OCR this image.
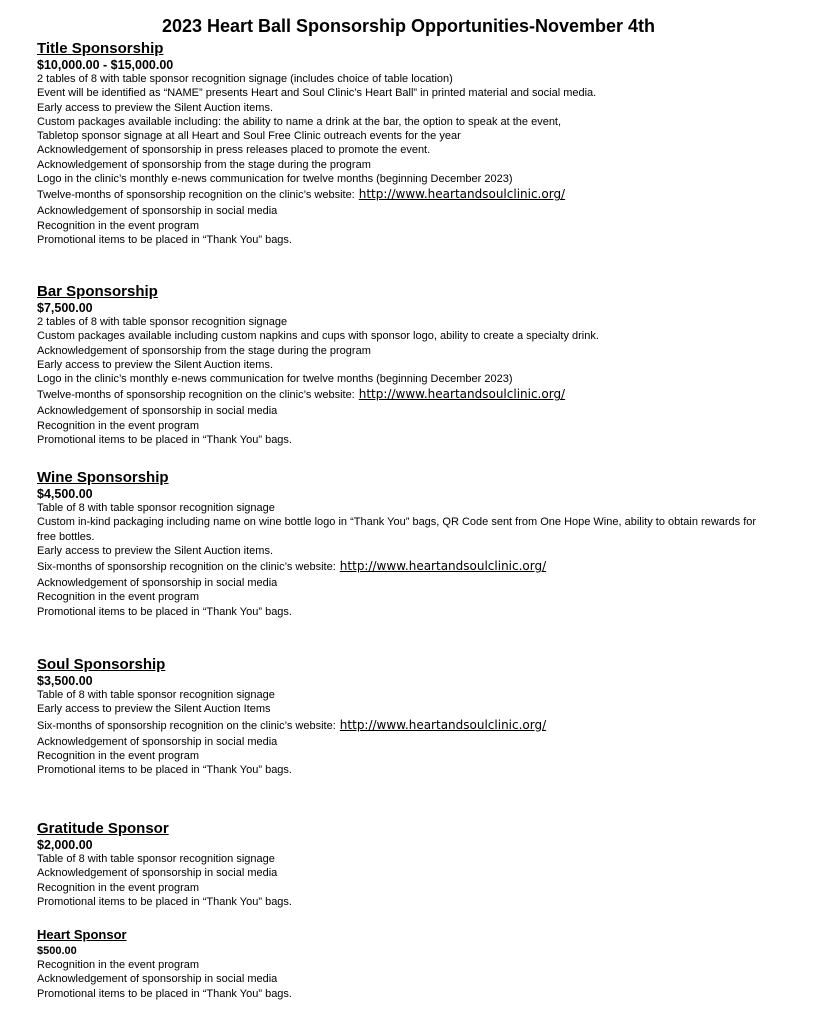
2023 Heart Ball Sponsorship Opportunities-November 4th
Title Sponsorship
$10,000.00 - $15,000.00
2 tables of 8 with table sponsor recognition signage (includes choice of table location)
Event will be identified as “NAME” presents Heart and Soul Clinic’s Heart Ball” in printed material and social media.
Early access to preview the Silent Auction items.
Custom packages available including: the ability to name a drink at the bar, the option to speak at the event,
Tabletop sponsor signage at all Heart and Soul Free Clinic outreach events for the year
Acknowledgement of sponsorship in press releases placed to promote the event.
Acknowledgement of sponsorship from the stage during the program
Logo in the clinic’s monthly e-news communication for twelve months (beginning December 2023)
Twelve-months of sponsorship recognition on the clinic’s website: http://www.heartandsoulclinic.org/
Acknowledgement of sponsorship in social media
Recognition in the event program
Promotional items to be placed in “Thank You” bags.
Bar Sponsorship
$7,500.00
2 tables of 8 with table sponsor recognition signage
Custom packages available including custom napkins and cups with sponsor logo, ability to create a specialty drink.
Acknowledgement of sponsorship from the stage during the program
Early access to preview the Silent Auction items.
Logo in the clinic’s monthly e-news communication for twelve months (beginning December 2023)
Twelve-months of sponsorship recognition on the clinic’s website: http://www.heartandsoulclinic.org/
Acknowledgement of sponsorship in social media
Recognition in the event program
Promotional items to be placed in “Thank You” bags.
Wine Sponsorship
$4,500.00
Table of 8 with table sponsor recognition signage
Custom in-kind packaging including name on wine bottle logo in “Thank You” bags, QR Code sent from One Hope Wine, ability to obtain rewards for free bottles.
Early access to preview the Silent Auction items.
Six-months of sponsorship recognition on the clinic’s website: http://www.heartandsoulclinic.org/
Acknowledgement of sponsorship in social media
Recognition in the event program
Promotional items to be placed in “Thank You” bags.
Soul Sponsorship
$3,500.00
Table of 8 with table sponsor recognition signage
Early access to preview the Silent Auction Items
Six-months of sponsorship recognition on the clinic’s website: http://www.heartandsoulclinic.org/
Acknowledgement of sponsorship in social media
Recognition in the event program
Promotional items to be placed in “Thank You” bags.
Gratitude Sponsor
$2,000.00
Table of 8 with table sponsor recognition signage
Acknowledgement of sponsorship in social media
Recognition in the event program
Promotional items to be placed in “Thank You” bags.
Heart Sponsor
$500.00
Recognition in the event program
Acknowledgement of sponsorship in social media
Promotional items to be placed in “Thank You” bags.
